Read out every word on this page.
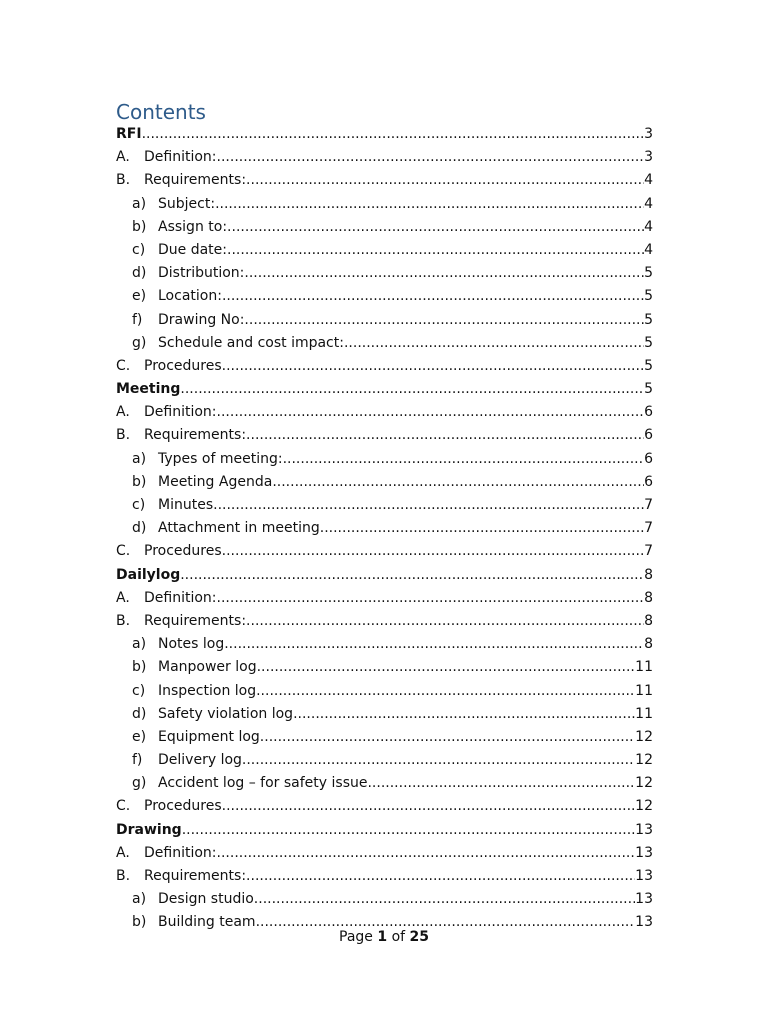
Contents
RFI .....	3
A.	Definition: .....	3
B. Requirements: .....	4
a) Subject: .....	4
b) Assign to: .....	4
c) Due date: .....	4
d) Distribution: .....	5
e) Location: .....	5
f)	Drawing No: .....	5
g) Schedule and cost impact: .....	5
C. Procedures .....	5
Meeting .....	5
A.	Definition: .....	6
B. Requirements: .....	6
a) Types of meeting: .....	6
b) Meeting Agenda .....	6
c) Minutes .....	7
d) Attachment in meeting .....	7
C. Procedures .....	7
Dailylog .....	8
A.	Definition: .....	8
B. Requirements: .....	8
a) Notes log .....	8
b) Manpower log .....	11
c) Inspection log .....	11
d) Safety violation log .....	11
e) Equipment log .....	12
f)	Delivery log .....	12
g) Accident log – for safety issue .....	12
C. Procedures .....	12
Drawing .....	13
A.	Definition: .....	13
B. Requirements: .....	13
a) Design studio .....	13
b) Building team .....	13
Page 1 of 25
